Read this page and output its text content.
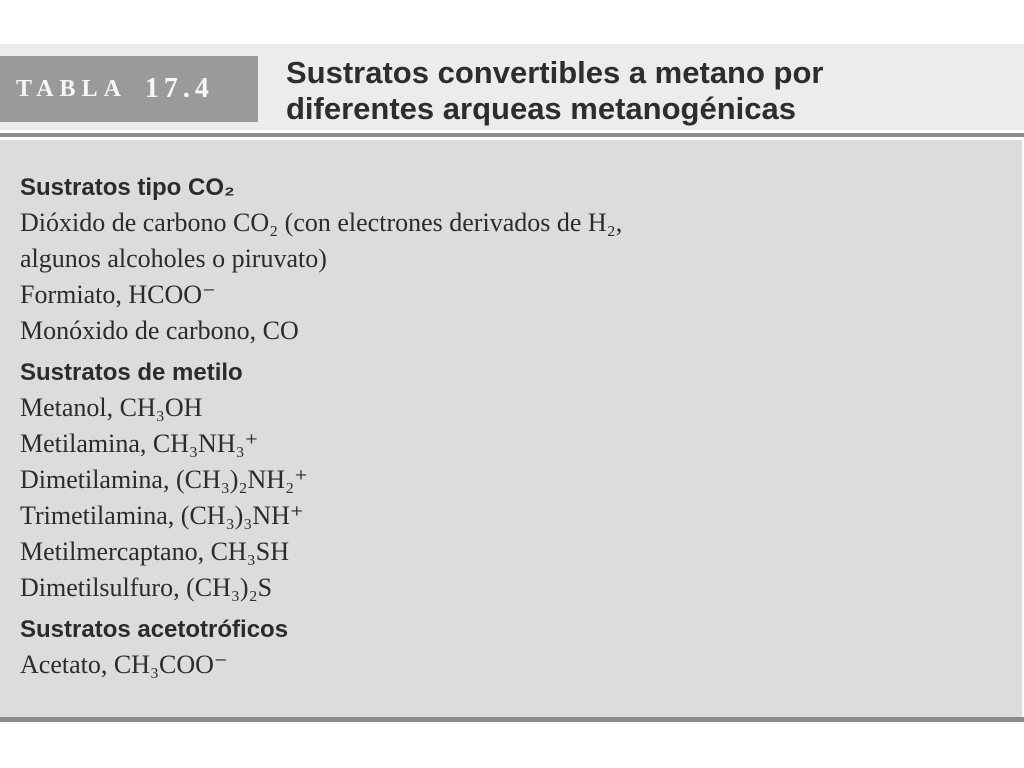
TABLA 17.4 Sustratos convertibles a metano por
diferentes arqueas metanogénicas
Sustratos tipo CO₂
Dióxido de carbono CO₂ (con electrones derivados de H₂,
algunos alcoholes o piruvato)
Formiato, HCOO⁻
Monóxido de carbono, CO
Sustratos de metilo
Metanol, CH₃OH
Metilamina, CH₃NH₃⁺
Dimetilamina, (CH₃)₂NH₂⁺
Trimetilamina, (CH₃)₃NH⁺
Metilmercaptano, CH₃SH
Dimetilsulfuro, (CH₃)₂S
Sustratos acetotróficos
Acetato, CH₃COO⁻
